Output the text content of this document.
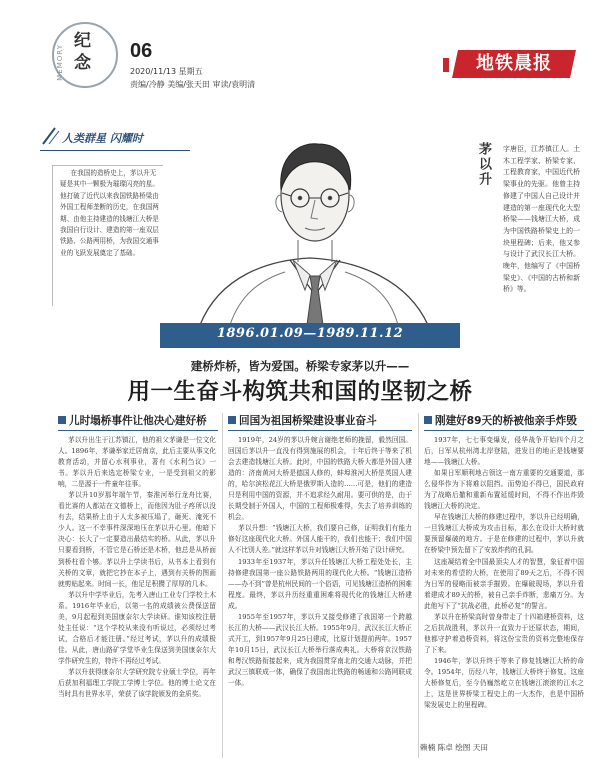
MEMORY
纪
念
06
2020/11/13 星期五
责编/冷静 美编/张天田 审读/袁明清
地铁晨报
人类群星 闪耀时
在我国的造桥史上，茅以升无疑是其中一颗极为璀璨闪亮的星。他打破了近代以来我国铁路桥梁由外国工程师垄断的历史，在我国两期、由他主持建造的钱塘江大桥是我国自行设计、建造的第一座双层铁路、公路两用桥，为我国交通事业的飞跃发展奠定了基础。
茅以升 字唐臣，江苏镇江人。土木工程学家、桥梁专家、工程教育家，中国近代桥梁事业的先驱。他曾主持修建了中国人自己设计并建造的第一座现代化大型桥梁——钱塘江大桥，成为中国铁路桥梁史上的一块里程碑；后来，他又参与设计了武汉长江大桥。晚年，他编写了《中国桥梁史》、《中国的古桥和新桥》等。
1896.01.09—1989.11.12
建桥炸桥，皆为爱国。桥梁专家茅以升——
用一生奋斗构筑共和国的坚韧之桥
儿时塌桥事件让他决心建好桥

茅以升出生于江苏镇江，他的祖父茅谦是一位文化人。1896年，茅谦举家迁居南京，此后主要从事文化教育活动，并留心水利事业，著有《水利刍议》一书。茅以升后来选定桥梁专业，一是受到祖父的影响，二是源于一件童年往事。

茅以升10岁那年端午节，秦淮河举行龙舟比赛，看比赛的人都站在文德桥上，而他因为肚子疼所以没有去，结果桥上由于人太多被压塌了，砸死、淹死不少人。这一不幸事件深深地压在茅以升心里。他暗下决心：长大了一定要造出最结实的桥。从此，茅以升只要看到桥，不管它是石桥还是木桥，他总是从桥面到桥柱看个够。茅以升上学读书后，从书本上看到有关桥的文章，就把它抄在本子上，遇到有关桥的图画就剪贴起来。时间一长，他足足积攒了厚厚的几本。

茅以升中学毕业后，先考入唐山工业专门学校土木系。1916年毕业后，以第一名的成绩被公费保送留美，9月起程到美国康奈尔大学读研。谁知该校注册处主任说：“这个学校从来没有听说过，必须经过考试，合格后才能注册。”经过考试，茅以升的成绩极佳。从此，唐山路矿学堂毕业生保送到美国康奈尔大学作研究生的，特许不再经过考试。

茅以升获得康奈尔大学研究院专业硕士学位，再年后获加利福理工学院工学博士学位。他的博士论文在当时具有世界水平，荣获了该学院颁发的金质奖。

回国为祖国桥梁建设事业奋斗

1919年，24岁的茅以升婉言谢绝老师的挽留，毅然回国。回国后茅以升一直没有得到施展的机会，十年后终于等来了机会去建造钱塘江大桥。此时，中国的铁路大桥大都是外国人建造的：济南黄河大桥是德国人修的，蚌埠淮河大桥是英国人建的，哈尔滨松花江大桥是俄罗斯人造的……可是，他们的建造只是利用中国的资源，并不追求经久耐用。要可供的是，由于长期受制于外国人，中国的工程师极难得，失去了培养训练的机会。

茅以升想：“钱塘江大桥，我们要自己修，证明我们有能力修好这座现代化大桥。外国人能干的，我们也能干；我们中国人不比别人差。”就这样茅以升对钱塘江大桥开始了设计研究。

1933年至1937年，茅以升任钱塘江大桥工程处处长，主持修建我国第一座公路铁路两用的现代化大桥。“钱塘江造桥——办不到”曾是杭州民间的一个俗语，可见钱塘江造桥的困难程度。最终，茅以升历经重重困难将现代化的钱塘江大桥建成。

1955年至1957年，茅以升又接受修建了我国第一个跨越长江的大桥——武汉长江大桥。1955年9月，武汉长江大桥正式开工，到1957年9月25日建成，比原计划提前两年。1957年10月15日，武汉长江大桥举行落成典礼。大桥将京汉铁路和粤汉铁路衔接起来，成为我国贯穿南北的交通大动脉，并把武汉三镇联成一体，确保了我国南北铁路的畅通和公路网联成一体。

刚建好89天的桥被他亲手炸毁

1937年，七七事变爆发，侵华战争开始四个月之后，日军从杭州湾北岸登陆，进发目的地正是钱塘要地——钱塘江大桥。

如果日军顺利地占领这一南方重要的交通要道，那么侵华作为下将难以阻挡。而势迫不得已，国民政府为了战略后撤和重新布置延缓时间，不得不作出炸毁钱塘江大桥的决定。

早在钱塘江大桥的修建过程中，茅以升已经明确，一旦钱塘江大桥成为攻击目标，那么在设计大桥时就要预留爆破的地方。于是在修建的过程中，茅以升就在桥梁中预先留下了安放炸药的孔洞。

这座凝结着全中国最顶尖人才的智慧，象征着中国对未来的希望的大桥，在使用了89天之后，不得不因为日军的侵略而被亲手摧毁。在爆破现场，茅以升看着建成才89天的桥，被自己亲手炸断，悲痛万分。为此他写下了“抗战必胜，此桥必复”的誓言。

茅以升在桥梁高时曾身带走了十四箱建桥资料，这之后抗战胜利，茅以升一直致力于还原状态，期间，他都守护着造桥资料，将这份宝贵的资料完整地保存了下来。

1946年，茅以升终于等来了修复钱塘江大桥的命令。1954年，历经八年，钱塘江大桥终于修复。这座大桥修复后，至今仍巍然屹立在钱塘江滚滚的江水之上，这是世界桥梁工程史上的一大杰作，也是中国桥梁发展史上的里程碑。

赖楠 陈卓 绘图 天田
